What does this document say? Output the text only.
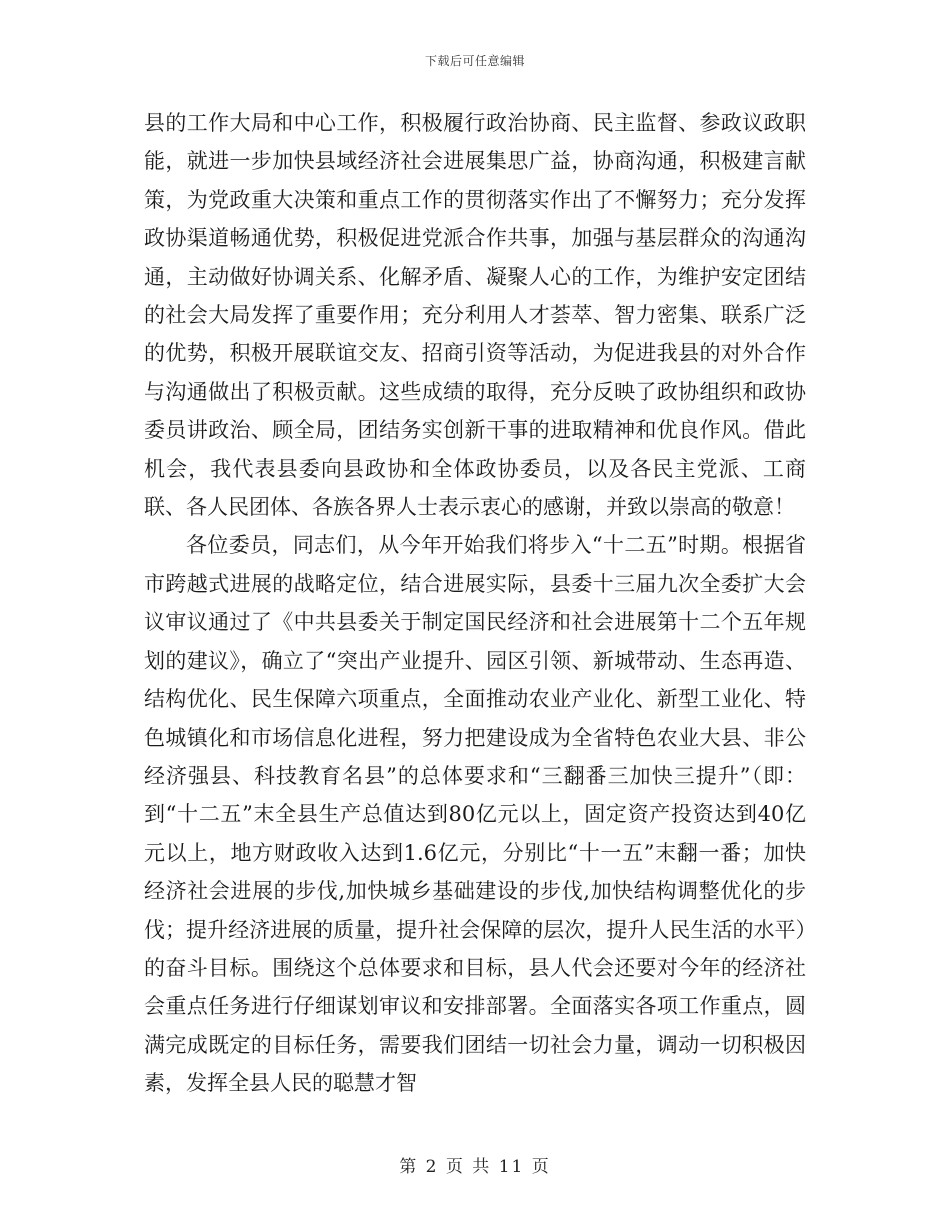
下载后可任意编辑

县的工作大局和中心工作，积极履行政治协商、民主监督、参政议政职能，就进一步加快县域经济社会进展集思广益，协商沟通，积极建言献策，为党政重大决策和重点工作的贯彻落实作出了不懈努力；充分发挥政协渠道畅通优势，积极促进党派合作共事，加强与基层群众的沟通沟通，主动做好协调关系、化解矛盾、凝聚人心的工作，为维护安定团结的社会大局发挥了重要作用；充分利用人才荟萃、智力密集、联系广泛的优势，积极开展联谊交友、招商引资等活动，为促进我县的对外合作与沟通做出了积极贡献。这些成绩的取得，充分反映了政协组织和政协委员讲政治、顾全局，团结务实创新干事的进取精神和优良作风。借此机会，我代表县委向县政协和全体政协委员，以及各民主党派、工商联、各人民团体、各族各界人士表示衷心的感谢，并致以崇高的敬意！

各位委员，同志们，从今年开始我们将步入“十二五”时期。根据省市跨越式进展的战略定位，结合进展实际，县委十三届九次全委扩大会议审议通过了《中共县委关于制定国民经济和社会进展第十二个五年规划的建议》，确立了“突出产业提升、园区引领、新城带动、生态再造、结构优化、民生保障六项重点，全面推动农业产业化、新型工业化、特色城镇化和市场信息化进程，努力把建设成为全省特色农业大县、非公经济强县、科技教育名县”的总体要求和“三翻番三加快三提升”（即：到“十二五”末全县生产总值达到80亿元以上，固定资产投资达到40亿元以上，地方财政收入达到1.6亿元，分别比“十一五”末翻一番；加快经济社会进展的步伐,加快城乡基础建设的步伐,加快结构调整优化的步伐；提升经济进展的质量，提升社会保障的层次，提升人民生活的水平）的奋斗目标。围绕这个总体要求和目标，县人代会还要对今年的经济社会重点任务进行仔细谋划审议和安排部署。全面落实各项工作重点，圆满完成既定的目标任务，需要我们团结一切社会力量，调动一切积极因素，发挥全县人民的聪慧才智

第 2 页 共 11 页
